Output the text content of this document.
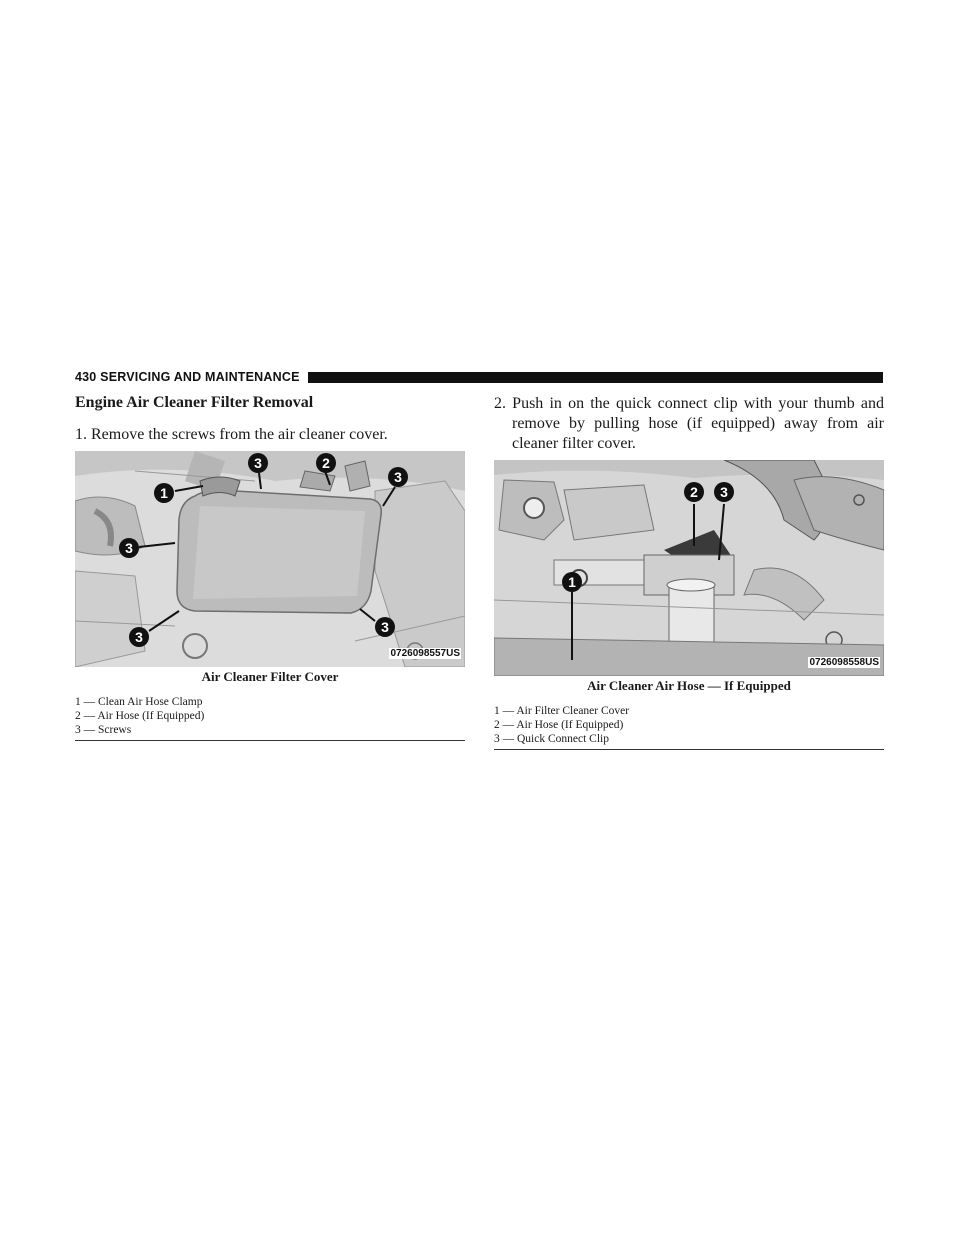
430 SERVICING AND MAINTENANCE
Engine Air Cleaner Filter Removal
1. Remove the screws from the air cleaner cover.
1
3	2
3
3
3
3
0726098557US
Air Cleaner Filter Cover

1 — Clean Air Hose Clamp

2 — Air Hose (If Equipped)

3 — Screws

2. Push in on the quick connect clip with your thumb and remove by pulling hose (if equipped) away from air cleaner filter cover.
2 3
1
0726098558US
Air Cleaner Air Hose — If Equipped

1 — Air Filter Cleaner Cover

2 — Air Hose (If Equipped)

3 — Quick Connect Clip
